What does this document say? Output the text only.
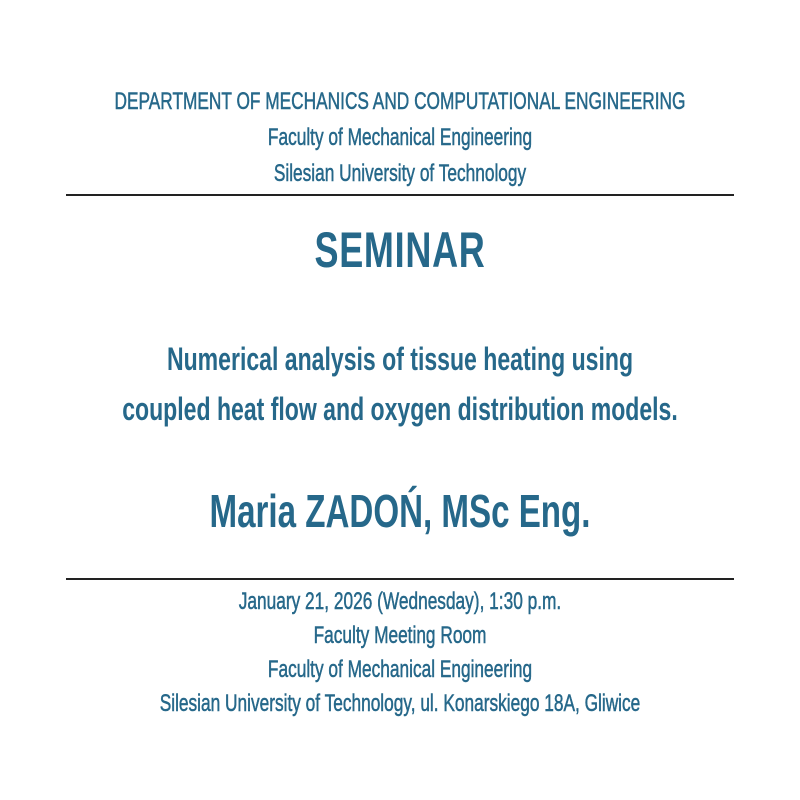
DEPARTMENT OF MECHANICS AND COMPUTATIONAL ENGINEERING
Faculty of Mechanical Engineering
Silesian University of Technology
SEMINAR
Numerical analysis of tissue heating using
coupled heat flow and oxygen distribution models.
Maria ZADOŃ, MSc Eng.
January 21, 2026 (Wednesday), 1:30 p.m.
Faculty Meeting Room
Faculty of Mechanical Engineering
Silesian University of Technology, ul. Konarskiego 18A, Gliwice
